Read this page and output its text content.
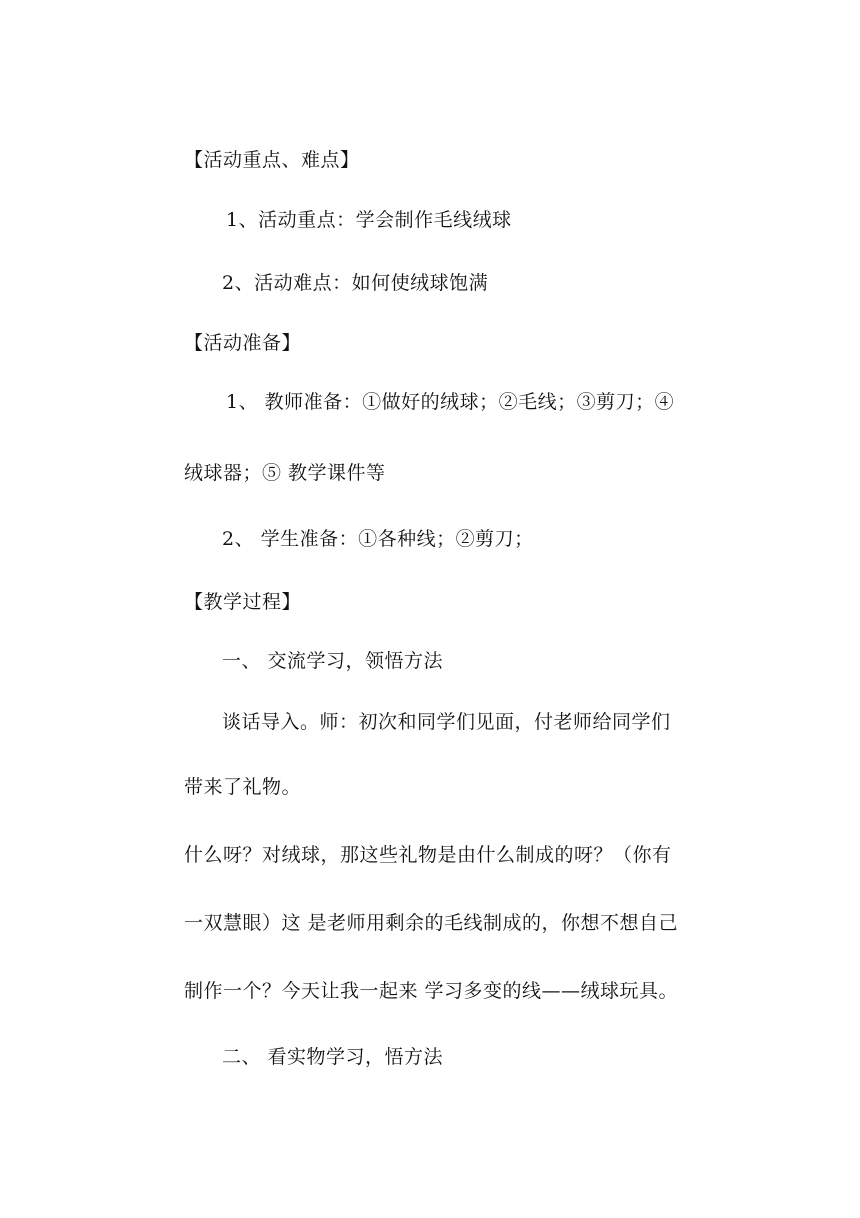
【活动重点、难点】
1、活动重点：学会制作毛线绒球
2、活动难点：如何使绒球饱满
【活动准备】
1、 教师准备：①做好的绒球；②毛线；③剪刀；④
绒球器；⑤ 教学课件等
2、 学生准备：①各种线；②剪刀；
【教学过程】
一、 交流学习，领悟方法
谈话导入。师：初次和同学们见面，付老师给同学们
带来了礼物。
什么呀？对绒球，那这些礼物是由什么制成的呀？（你有
一双慧眼）这 是老师用剩余的毛线制成的，你想不想自己
制作一个？今天让我一起来 学习多变的线——绒球玩具。
二、 看实物学习，悟方法
